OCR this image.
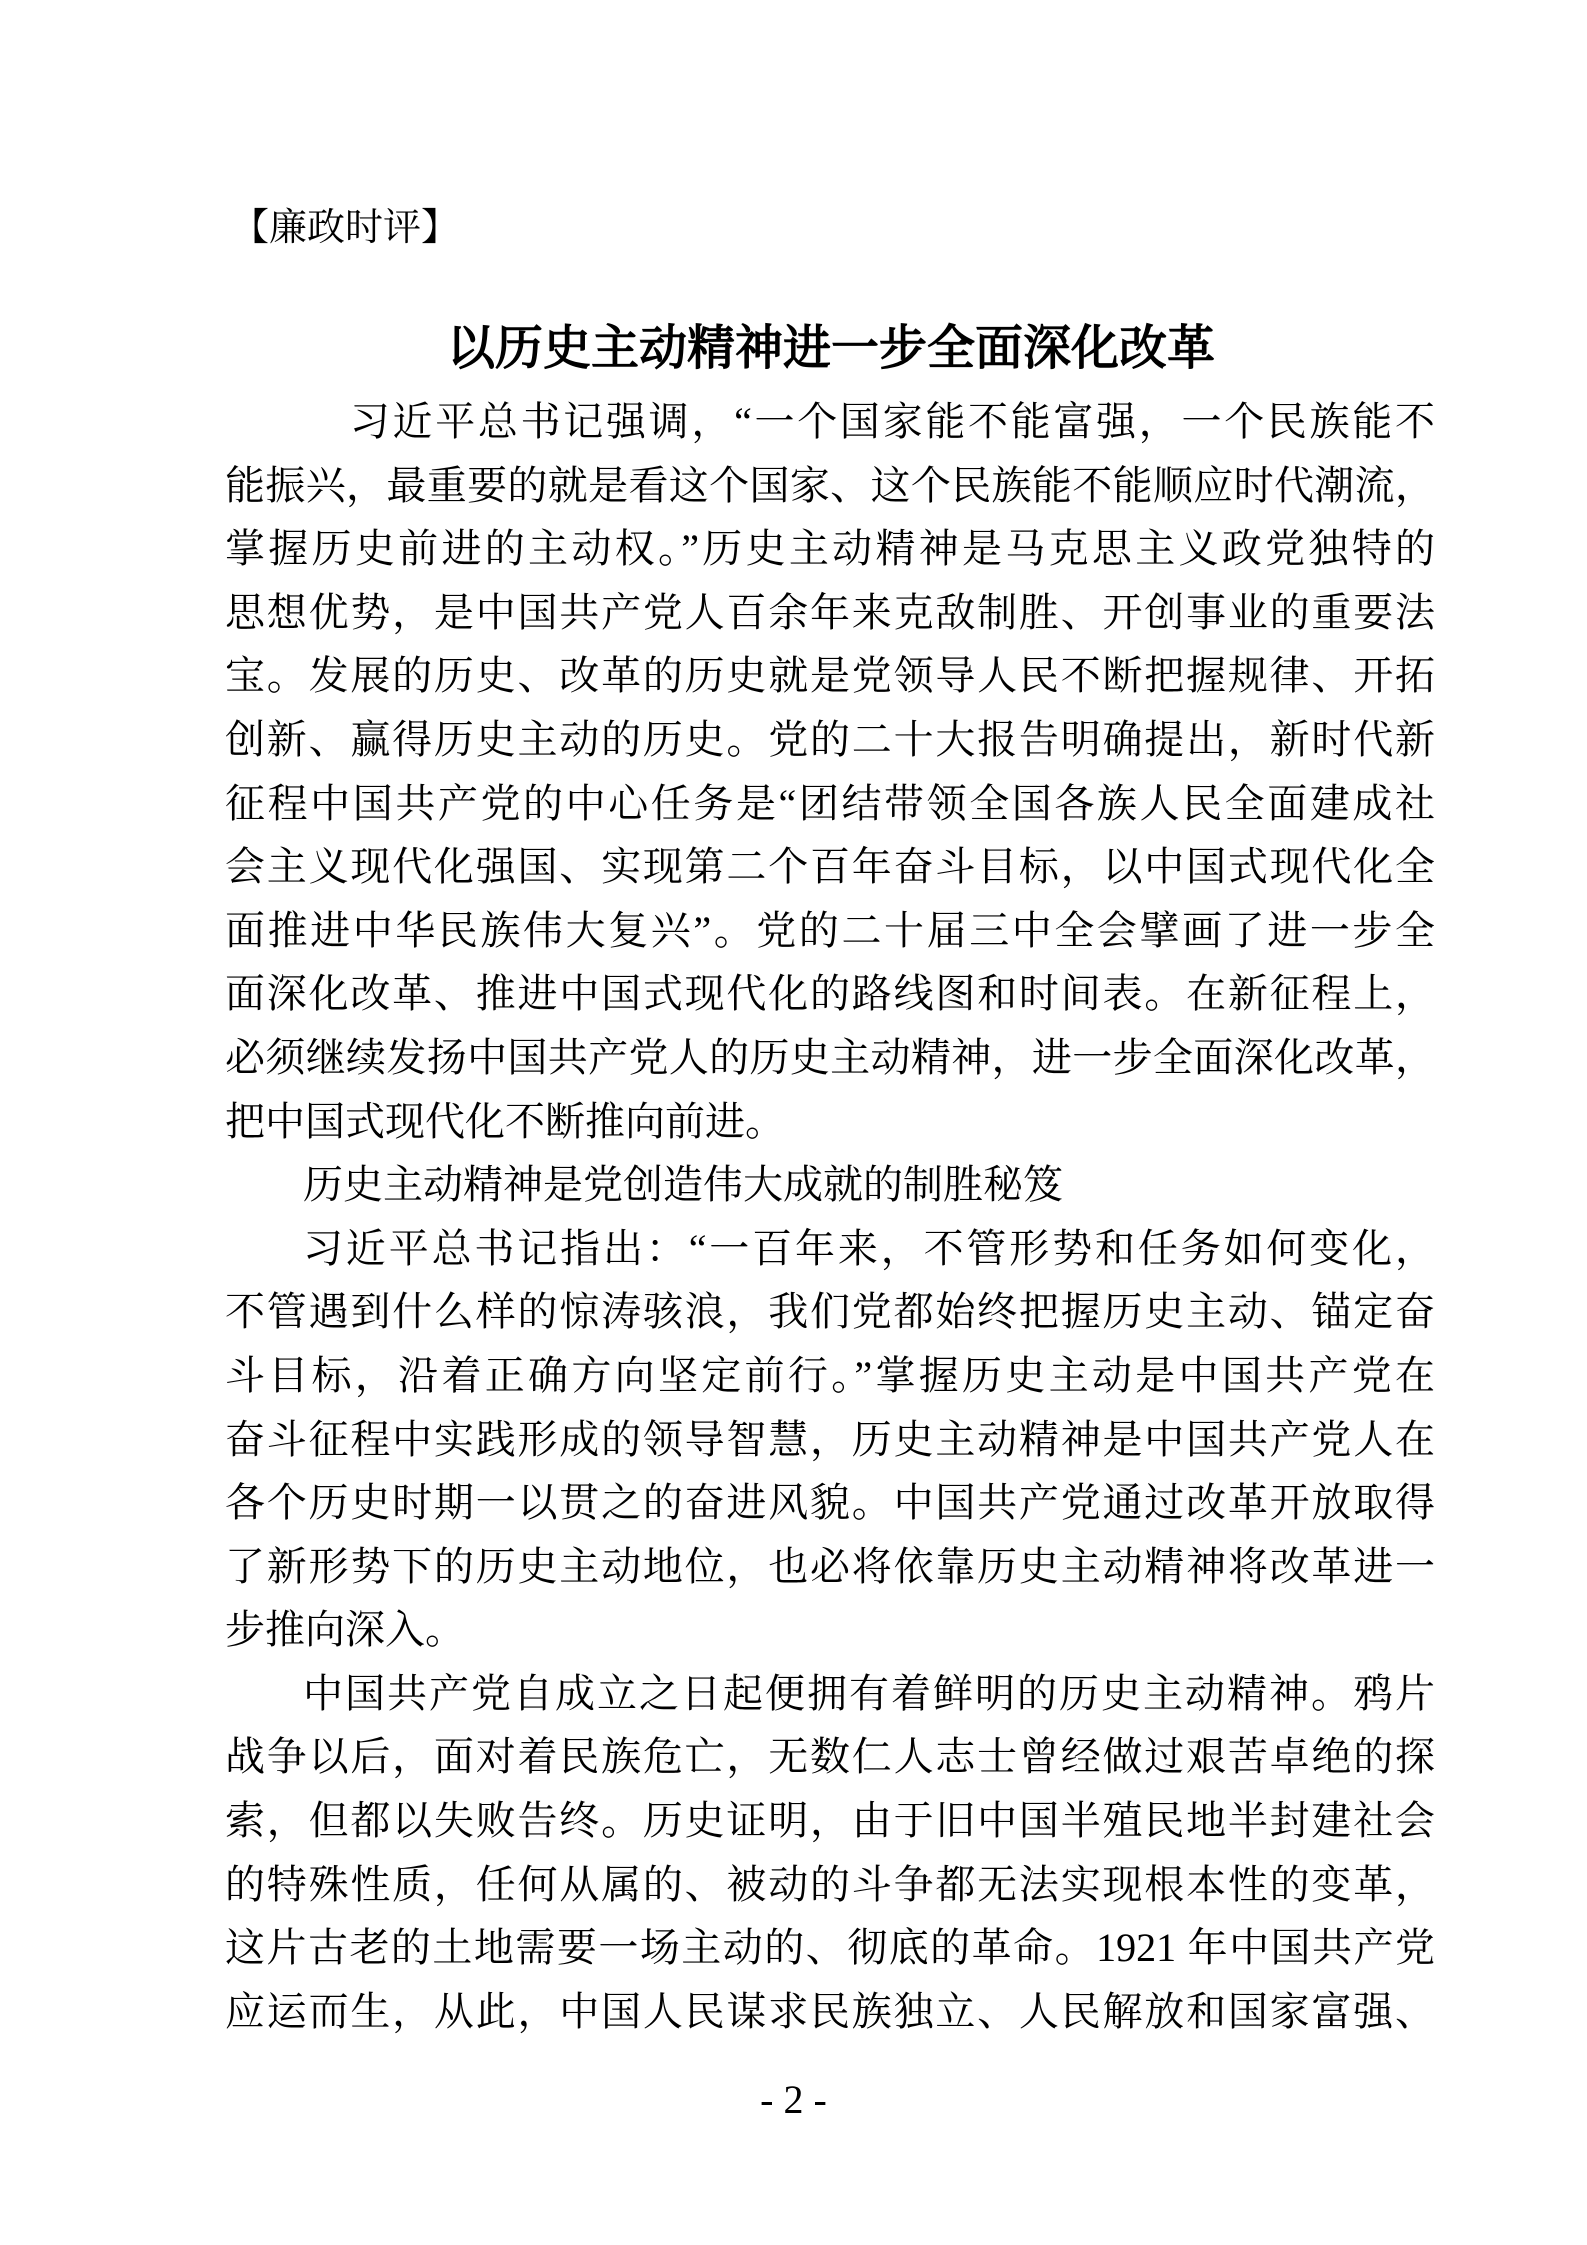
【廉政时评】
以历史主动精神进一步全面深化改革
习近平总书记强调，“一个国家能不能富强，一个民族能不
能振兴，最重要的就是看这个国家、这个民族能不能顺应时代潮流，
掌握历史前进的主动权。”历史主动精神是马克思主义政党独特的
思想优势，是中国共产党人百余年来克敌制胜、开创事业的重要法
宝。发展的历史、改革的历史就是党领导人民不断把握规律、开拓
创新、赢得历史主动的历史。党的二十大报告明确提出，新时代新
征程中国共产党的中心任务是“团结带领全国各族人民全面建成社
会主义现代化强国、实现第二个百年奋斗目标，以中国式现代化全
面推进中华民族伟大复兴”。党的二十届三中全会擘画了进一步全
面深化改革、推进中国式现代化的路线图和时间表。在新征程上，
必须继续发扬中国共产党人的历史主动精神，进一步全面深化改革，
把中国式现代化不断推向前进。
历史主动精神是党创造伟大成就的制胜秘笈
习近平总书记指出：“一百年来，不管形势和任务如何变化，
不管遇到什么样的惊涛骇浪，我们党都始终把握历史主动、锚定奋
斗目标，沿着正确方向坚定前行。”掌握历史主动是中国共产党在
奋斗征程中实践形成的领导智慧，历史主动精神是中国共产党人在
各个历史时期一以贯之的奋进风貌。中国共产党通过改革开放取得
了新形势下的历史主动地位，也必将依靠历史主动精神将改革进一
步推向深入。
中国共产党自成立之日起便拥有着鲜明的历史主动精神。鸦片
战争以后，面对着民族危亡，无数仁人志士曾经做过艰苦卓绝的探
索，但都以失败告终。历史证明，由于旧中国半殖民地半封建社会
的特殊性质，任何从属的、被动的斗争都无法实现根本性的变革，
这片古老的土地需要一场主动的、彻底的革命。1921 年中国共产党
应运而生，从此，中国人民谋求民族独立、人民解放和国家富强、
- 2 -
